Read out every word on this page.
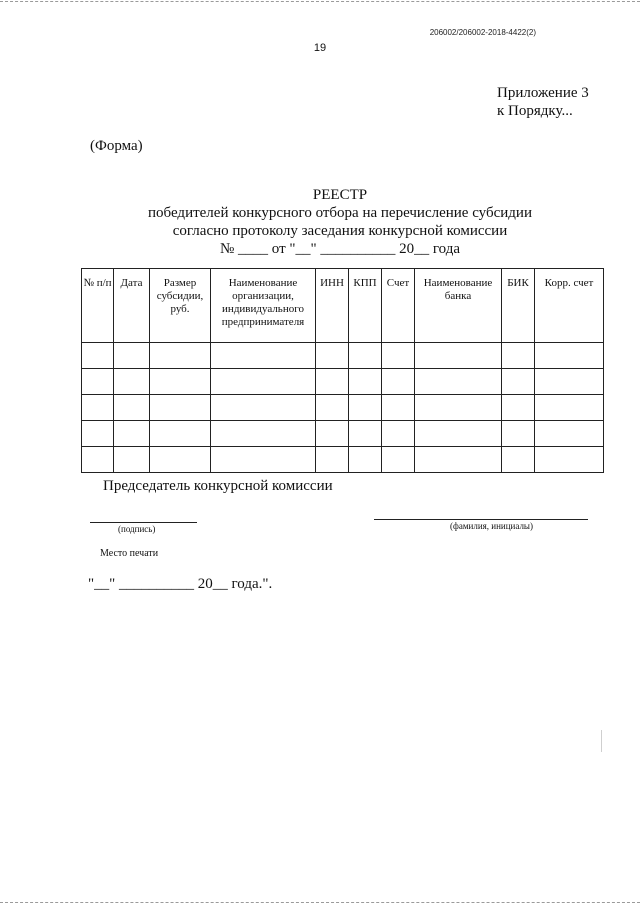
206002/206002-2018-4422(2)
19
Приложение 3
к Порядку...
(Форма)
РЕЕСТР
победителей конкурсного отбора на перечисление субсидии
согласно протоколу заседания конкурсной комиссии
№ ____ от "__" __________ 20__ года
№ п/п	Дата	Размер субсидии, руб.	Наименование организации, индивидуального предпринимателя	ИНН	КПП	Счет	Наименование банка	БИК	Корр. счет

Председатель конкурсной комиссии
(подпись)	(фамилия, инициалы)
Место печати
"__" __________ 20__ года.".
